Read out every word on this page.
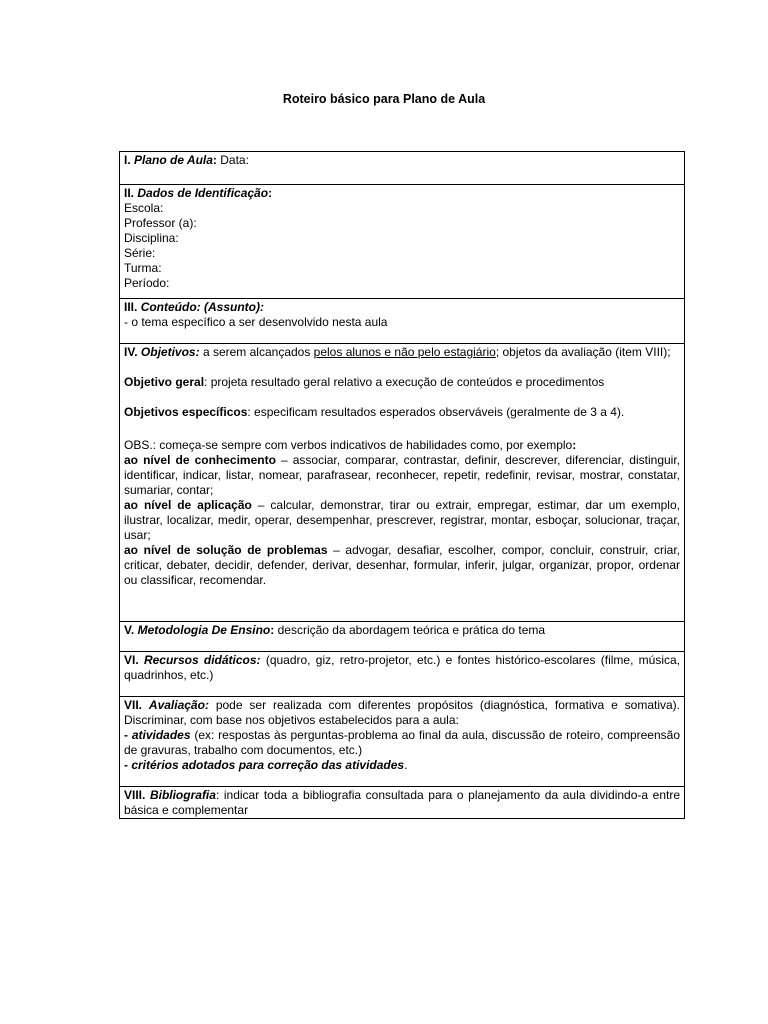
Roteiro básico para Plano de Aula
I. Plano de Aula: Data:
II. Dados de Identificação:
Escola:
Professor (a):
Disciplina:
Série:
Turma:
Período:
III. Conteúdo: (Assunto):
- o tema específico a ser desenvolvido nesta aula
IV. Objetivos: a serem alcançados pelos alunos e não pelo estagiário; objetos da avaliação (item VIII);
Objetivo geral: projeta resultado geral relativo a execução de conteúdos e procedimentos
Objetivos específicos: especificam resultados esperados observáveis (geralmente de 3 a 4).
OBS.: começa-se sempre com verbos indicativos de habilidades como, por exemplo:
ao nível de conhecimento – associar, comparar, contrastar, definir, descrever, diferenciar, distinguir, identificar, indicar, listar, nomear, parafrasear, reconhecer, repetir, redefinir, revisar, mostrar, constatar, sumariar, contar;
ao nível de aplicação – calcular, demonstrar, tirar ou extrair, empregar, estimar, dar um exemplo, ilustrar, localizar, medir, operar, desempenhar, prescrever, registrar, montar, esboçar, solucionar, traçar, usar;
ao nível de solução de problemas – advogar, desafiar, escolher, compor, concluir, construir, criar, criticar, debater, decidir, defender, derivar, desenhar, formular, inferir, julgar, organizar, propor, ordenar ou classificar, recomendar.
V. Metodologia De Ensino: descrição da abordagem teórica e prática do tema
VI. Recursos didáticos: (quadro, giz, retro-projetor, etc.) e fontes histórico-escolares (filme, música, quadrinhos, etc.)
VII. Avaliação: pode ser realizada com diferentes propósitos (diagnóstica, formativa e somativa). Discriminar, com base nos objetivos estabelecidos para a aula:
- atividades (ex: respostas às perguntas-problema ao final da aula, discussão de roteiro, compreensão de gravuras, trabalho com documentos, etc.)
- critérios adotados para correção das atividades.
VIII. Bibliografia: indicar toda a bibliografia consultada para o planejamento da aula dividindo-a entre básica e complementar
